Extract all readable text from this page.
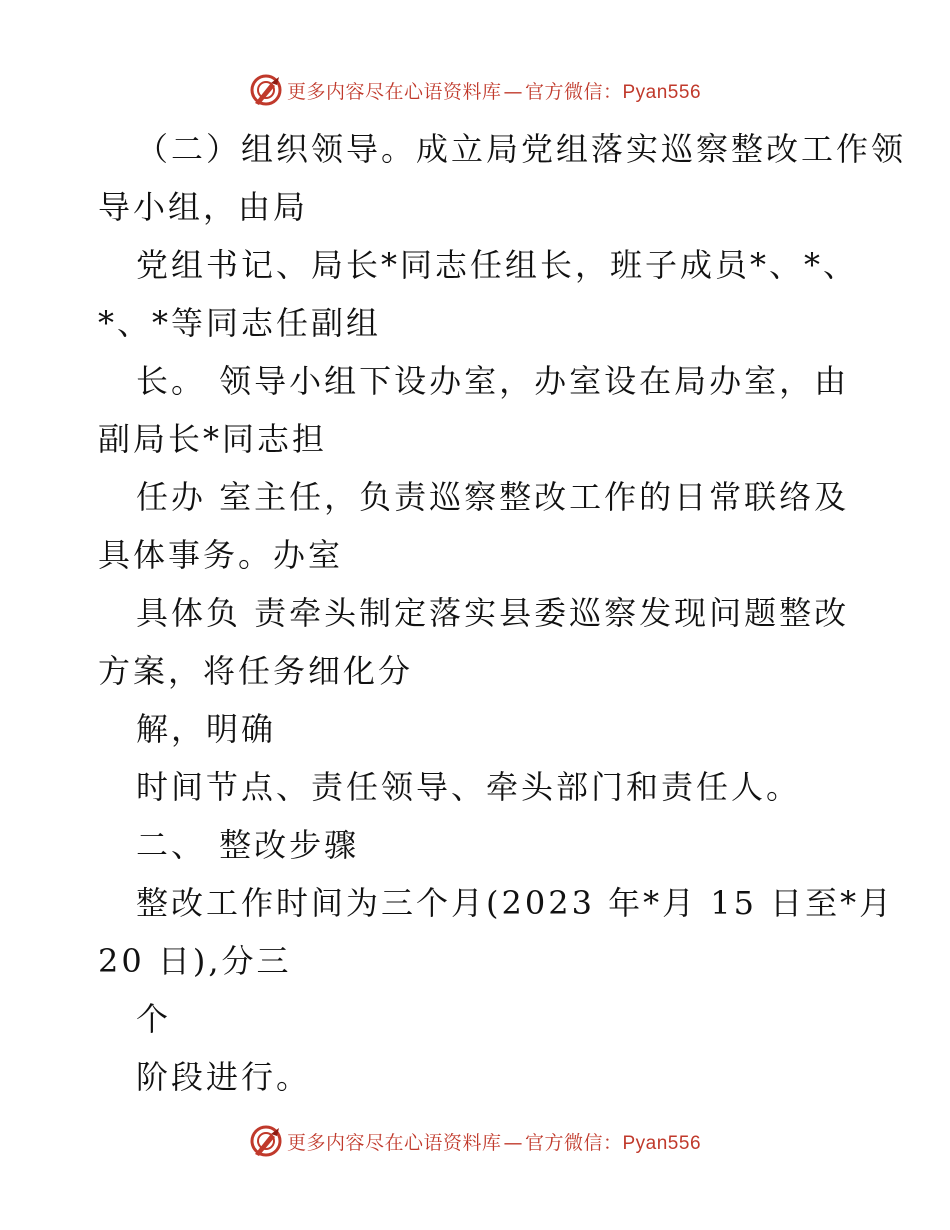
更多内容尽在心语资料库 — 官方微信：Pyan556
（二）组织领导。成立局党组落实巡察整改工作领
导小组，由局
党组书记、局长*同志任组长，班子成员*、*、
*、*等同志任副组
长。 领导小组下设办室，办室设在局办室，由
副局长*同志担
任办 室主任，负责巡察整改工作的日常联络及
具体事务。办室
具体负 责牵头制定落实县委巡察发现问题整改
方案，将任务细化分
解，明确
时间节点、责任领导、牵头部门和责任人。
二、 整改步骤
整改工作时间为三个月(2023 年*月 15 日至*月
20 日),分三
个
阶段进行。
更多内容尽在心语资料库 — 官方微信：Pyan556
